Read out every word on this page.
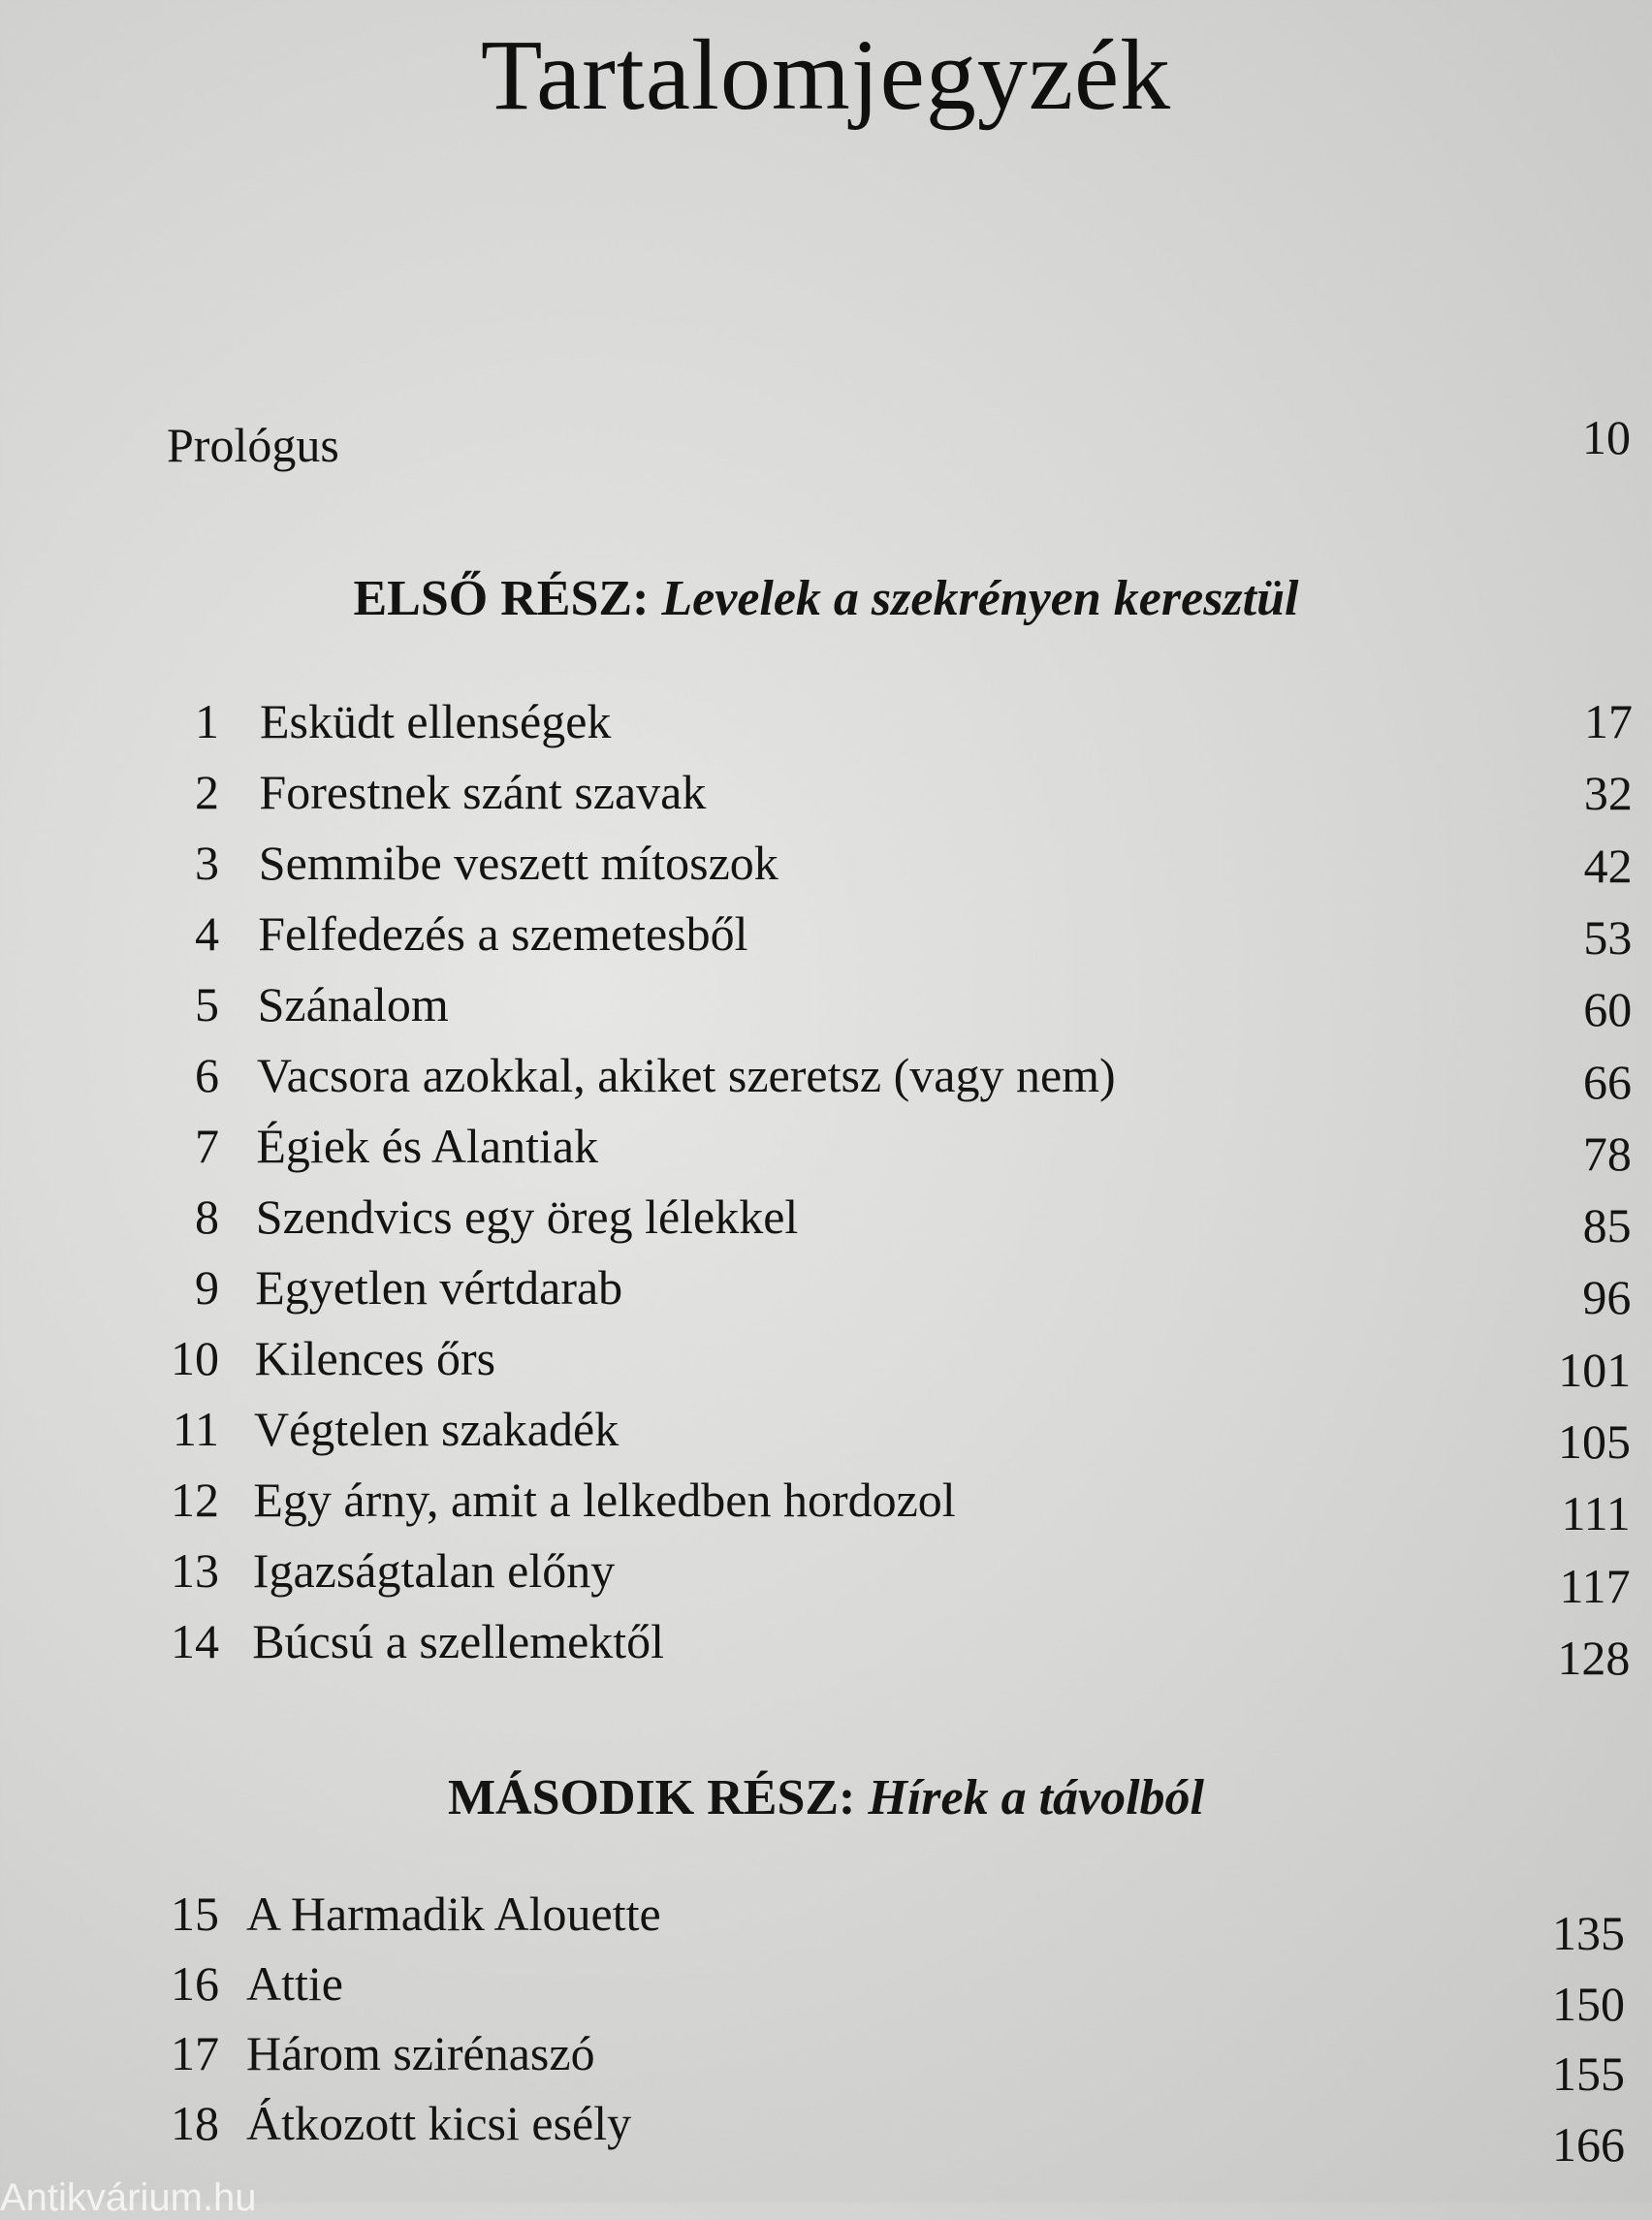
Tartalomjegyzék
Prológus	10
ELSŐ RÉSZ: Levelek a szekrényen keresztül
1 Esküdt ellenségek	17
2 Forestnek szánt szavak	32
3 Semmibe veszett mítoszok	42
4 Felfedezés a szemetesből	53
5 Szánalom	60
6 Vacsora azokkal, akiket szeretsz (vagy nem)	66
7 Égiek és Alantiak	78
8 Szendvics egy öreg lélekkel	85
9 Egyetlen vértdarab	96
10 Kilences őrs	101
11 Végtelen szakadék	105
12 Egy árny, amit a lelkedben hordozol	111
13 Igazságtalan előny	117
14 Búcsú a szellemektől	128
MÁSODIK RÉSZ: Hírek a távolból
15 A Harmadik Alouette	135
16 Attie	150
17 Három szirénaszó	155
18 Átkozott kicsi esély	166
Antikvárium.hu
